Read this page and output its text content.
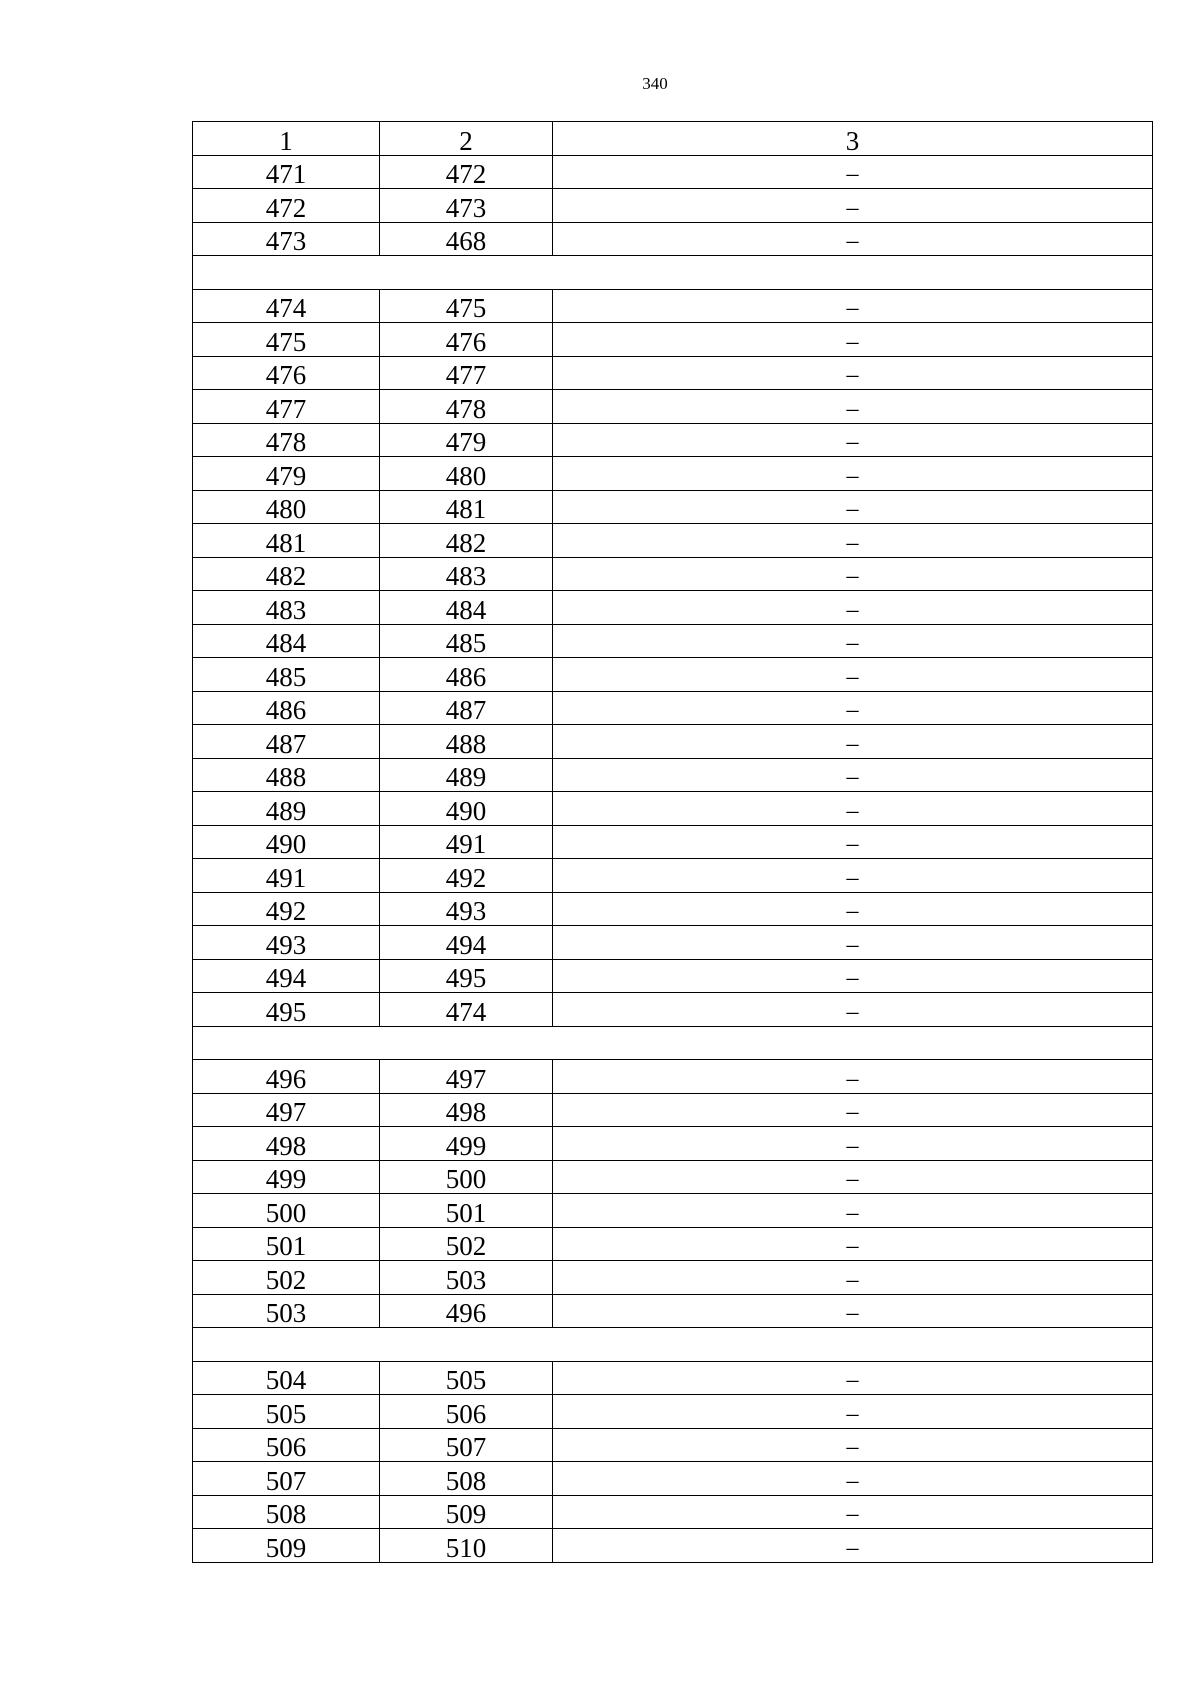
340
1	2	3
471	472	–
472	473	–
473	468	–

474	475	–
475	476	–
476	477	–
477	478	–
478	479	–
479	480	–
480	481	–
481	482	–
482	483	–
483	484	–
484	485	–
485	486	–
486	487	–
487	488	–
488	489	–
489	490	–
490	491	–
491	492	–
492	493	–
493	494	–
494	495	–
495	474	–

496	497	–
497	498	–
498	499	–
499	500	–
500	501	–
501	502	–
502	503	–
503	496	–

504	505	–
505	506	–
506	507	–
507	508	–
508	509	–
509	510	–
